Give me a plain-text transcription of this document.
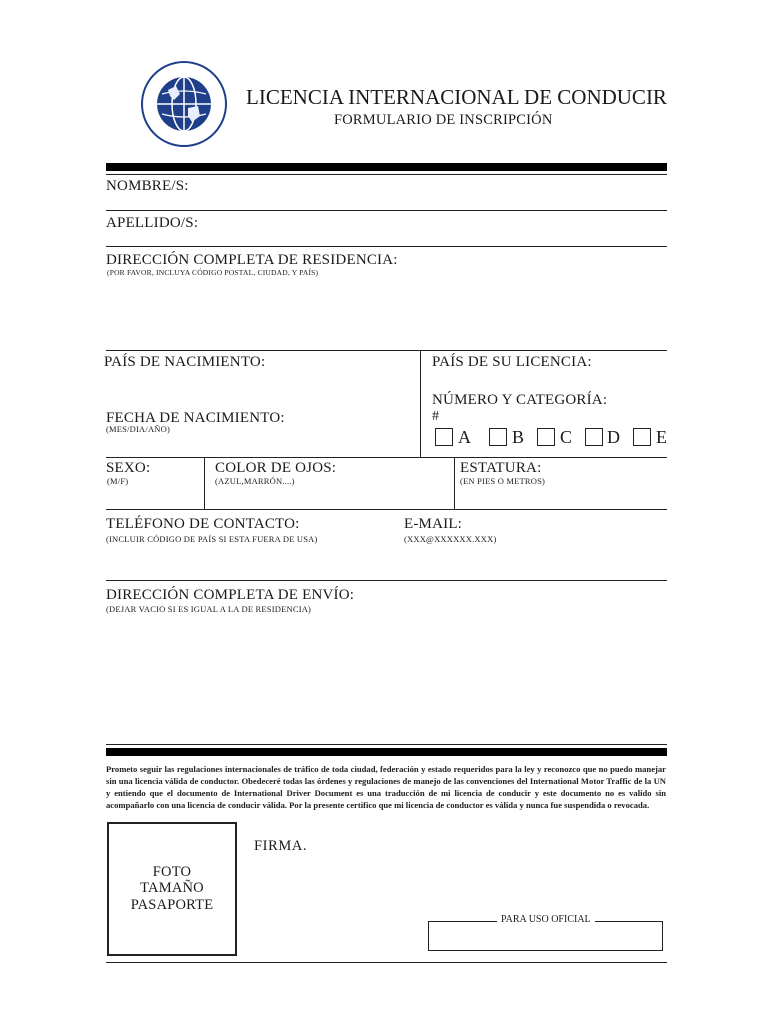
LICENCIA INTERNACIONAL DE CONDUCIR
FORMULARIO DE INSCRIPCIÓN
NOMBRE/S:
APELLIDO/S:
DIRECCIÓN COMPLETA DE RESIDENCIA:
(POR FAVOR, INCLUYA CÓDIGO POSTAL, CIUDAD, Y PAÍS)
PAÍS DE NACIMIENTO:	PAÍS DE SU LICENCIA:
NÚMERO Y CATEGORÍA:
#
FECHA DE NACIMIENTO:
(MES/DIA/AÑO)	A B C D E
SEXO:
(M/F)
COLOR DE OJOS:
(AZUL,MARRÓN....)
ESTATURA:
(EN PIES O METROS)
TELÉFONO DE CONTACTO:
(INCLUIR CÓDIGO DE PAÍS SI ESTA FUERA DE USA)
E-MAIL:
(XXX@XXXXXX.XXX)
DIRECCIÓN COMPLETA DE ENVÍO:
(DEJAR VACIO SI ES IGUAL A LA DE RESIDENCIA)
Prometo seguir las regulaciones internacionales de tráfico de toda ciudad, federación y estado requeridos para la ley y reconozco que no puedo manejar sin una licencia válida de conductor. Obedeceré todas las órdenes y regulaciones de manejo de las convenciones del International Motor Traffic de la UN y entiendo que el documento de International Driver Document es una traducción de mi licencia de conducir y este documento no es valido sin acompañarlo con una licencia de conducir válida. Por la presente certifico que mi licencia de conductor es válida y nunca fue suspendida o revocada.
FOTO
TAMAÑO
PASAPORTE
FIRMA.
PARA USO OFICIAL
